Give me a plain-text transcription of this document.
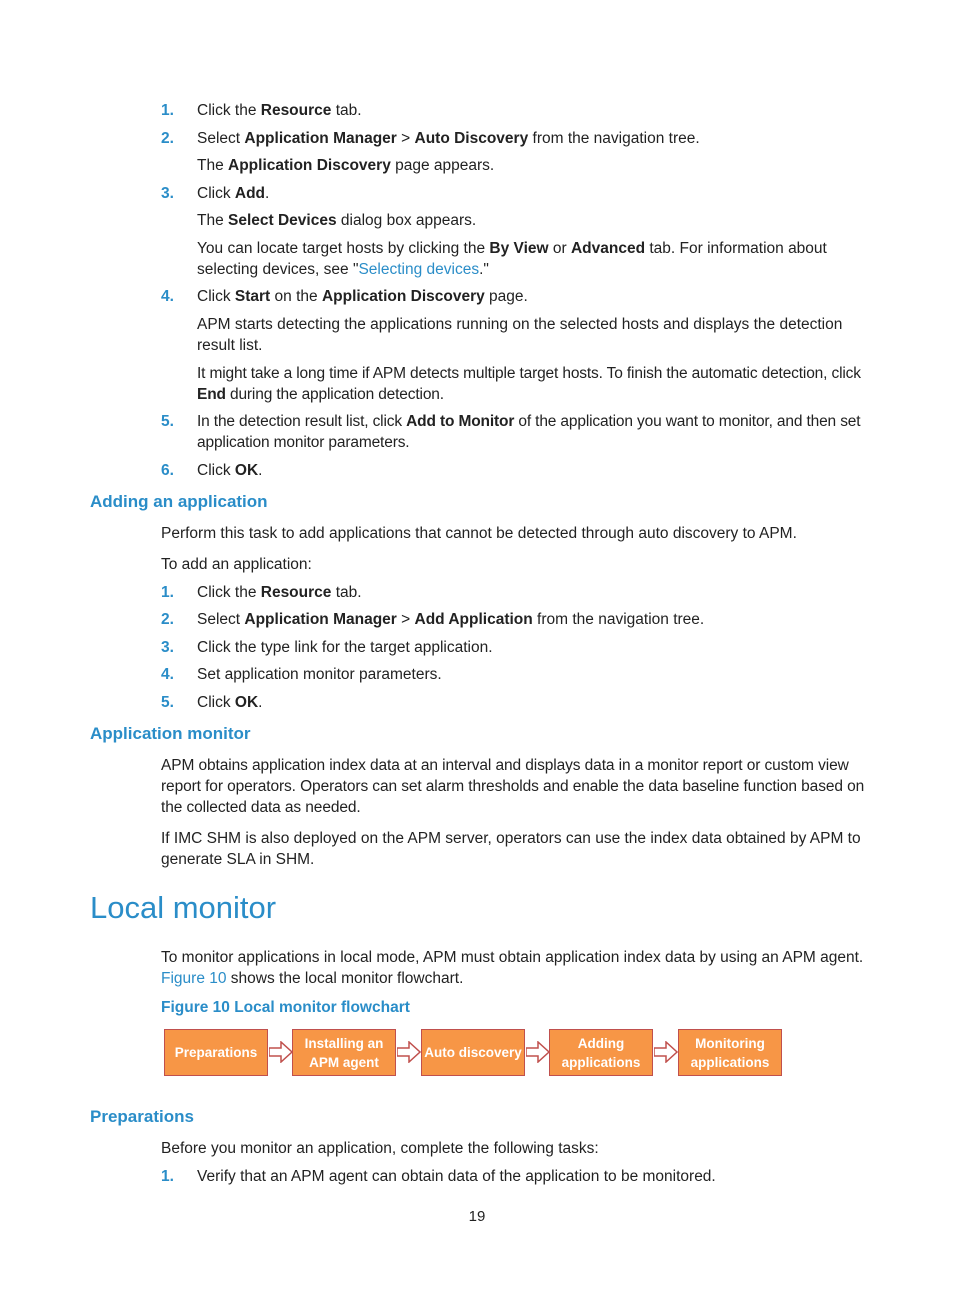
1.	Click the Resource tab.
2.	Select Application Manager > Auto Discovery from the navigation tree.
The Application Discovery page appears.
3.	Click Add.
The Select Devices dialog box appears.
You can locate target hosts by clicking the By View or Advanced tab. For information about selecting devices, see "Selecting devices."
4.	Click Start on the Application Discovery page.
APM starts detecting the applications running on the selected hosts and displays the detection result list.
It might take a long time if APM detects multiple target hosts. To finish the automatic detection, click End during the application detection.
5.	In the detection result list, click Add to Monitor of the application you want to monitor, and then set application monitor parameters.
6.	Click OK.
Adding an application
Perform this task to add applications that cannot be detected through auto discovery to APM.
To add an application:
1.	Click the Resource tab.
2.	Select Application Manager > Add Application from the navigation tree.
3.	Click the type link for the target application.
4.	Set application monitor parameters.
5.	Click OK.
Application monitor
APM obtains application index data at an interval and displays data in a monitor report or custom view report for operators. Operators can set alarm thresholds and enable the data baseline function based on the collected data as needed.
If IMC SHM is also deployed on the APM server, operators can use the index data obtained by APM to generate SLA in SHM.
Local monitor
To monitor applications in local mode, APM must obtain application index data by using an APM agent. Figure 10 shows the local monitor flowchart.
Figure 10 Local monitor flowchart
Preparations
Installing an APM agent
Auto discovery
Adding applications
Monitoring applications
Preparations
Before you monitor an application, complete the following tasks:
1.	Verify that an APM agent can obtain data of the application to be monitored.
19
